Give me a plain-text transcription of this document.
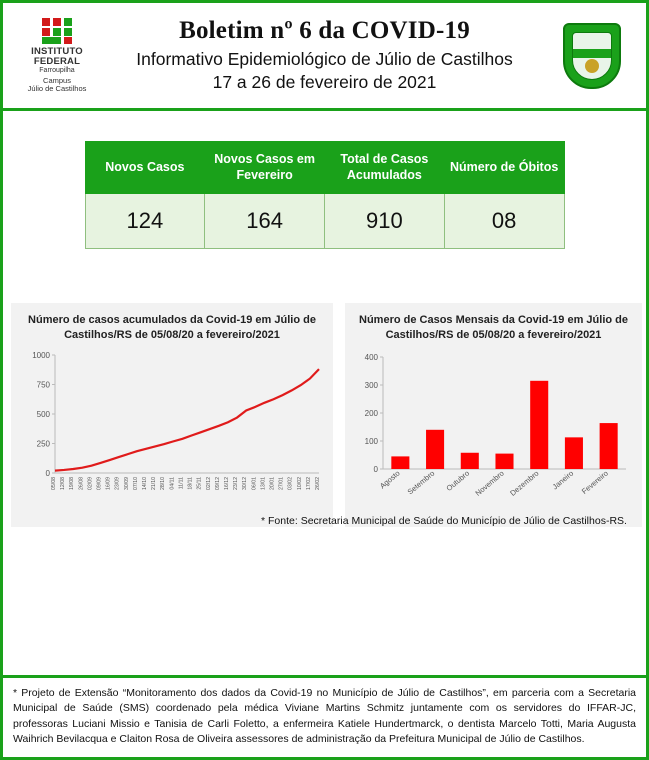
INSTITUTO
FEDERAL
Farroupilha
Campus
Júlio de Castilhos
Boletim nº 6 da COVID-19
Informativo Epidemiológico de Júlio de Castilhos
17 a 26 de fevereiro de 2021
Novos Casos	Novos Casos em Fevereiro	Total de Casos Acumulados	Número de Óbitos
124	164	910	08
Número de casos acumulados da Covid-19 em Júlio de Castilhos/RS de 05/08/20 a fevereiro/2021
0
250
500
750
1000
05/08 12/08 19/08 26/08 02/09 09/09 16/09 23/09 30/09 07/10 14/10 21/10 28/10 04/11 11/11 18/11 25/11 02/12 09/12 16/12 23/12 30/12 06/01 13/01 20/01 27/01 03/02 10/02 17/02 26/02
Número de Casos Mensais da Covid-19 em Júlio de Castilhos/RS de 05/08/20 a fevereiro/2021
0
100
200
300
400
Agosto Setembro Outubro Novembro Dezembro Janeiro Fevereiro
* Fonte: Secretaria Municipal de Saúde do Município de Júlio de Castilhos-RS.
* Projeto de Extensão “Monitoramento dos dados da Covid-19 no Município de Júlio de Castilhos”, em parceria com a Secretaria Municipal de Saúde (SMS) coordenado pela médica Viviane Martins Schmitz juntamente com os servidores do IFFAR-JC, professoras Luciani Missio e Tanisia de Carli Foletto, a enfermeira Katiele Hundertmarck, o dentista Marcelo Totti, Maria Augusta Waihrich Bevilacqua e Claiton Rosa de Oliveira assessores de administração da Prefeitura Municipal de Júlio de Castilhos.
